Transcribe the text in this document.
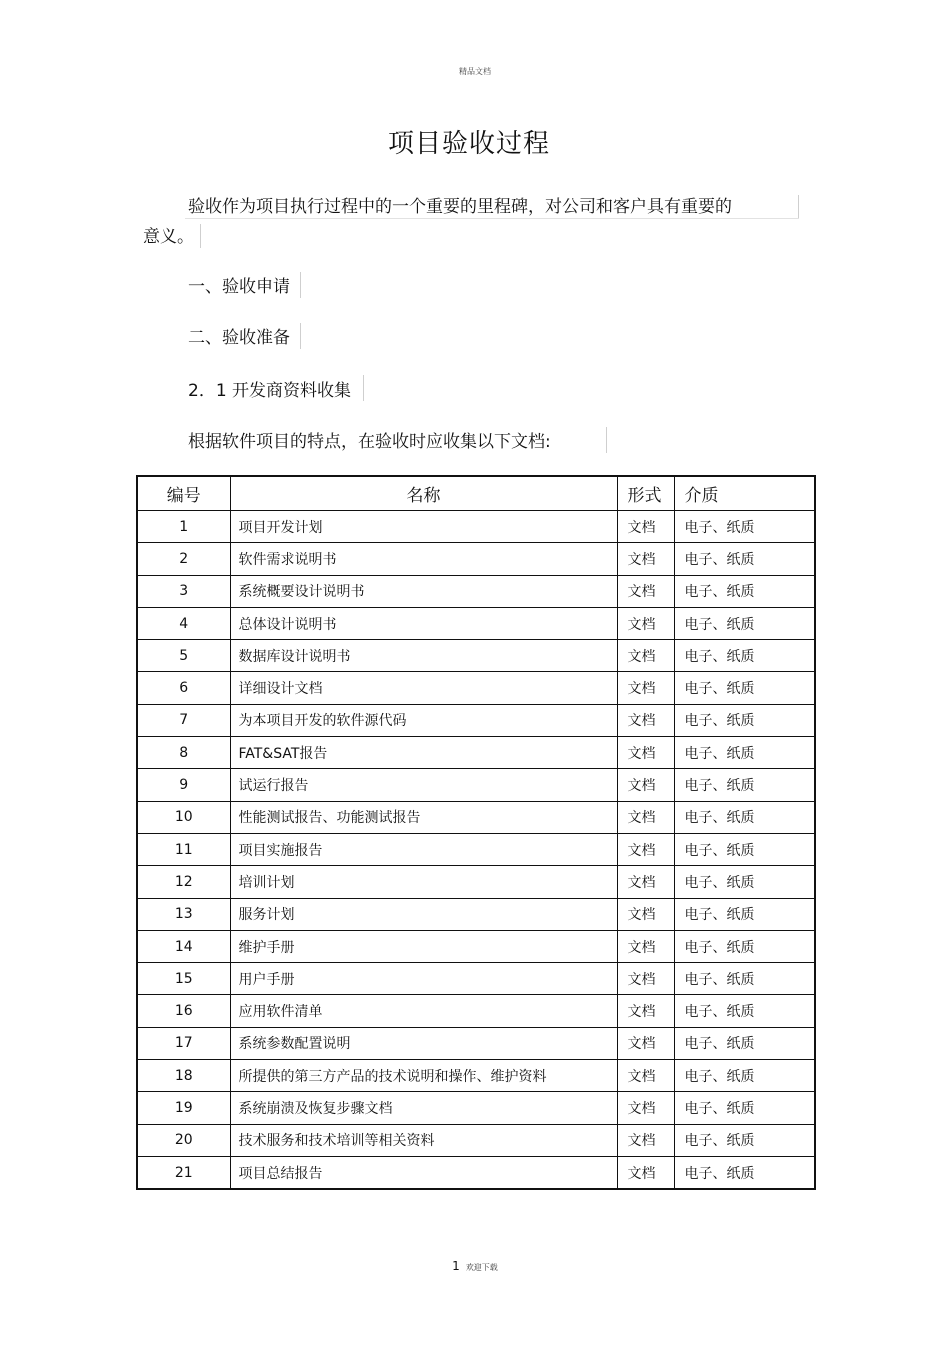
精品文档
项目验收过程
验收作为项目执行过程中的一个重要的里程碑，对公司和客户具有重要的
意义。
一、验收申请
二、验收准备
2．1 开发商资料收集
根据软件项目的特点，在验收时应收集以下文档:
编号	名称	形式	介质
1	项目开发计划	文档	电子、纸质
2	软件需求说明书	文档	电子、纸质
3	系统概要设计说明书	文档	电子、纸质
4	总体设计说明书	文档	电子、纸质
5	数据库设计说明书	文档	电子、纸质
6	详细设计文档	文档	电子、纸质
7	为本项目开发的软件源代码	文档	电子、纸质
8	FAT&SAT报告	文档	电子、纸质
9	试运行报告	文档	电子、纸质
10	性能测试报告、功能测试报告	文档	电子、纸质
11	项目实施报告	文档	电子、纸质
12	培训计划	文档	电子、纸质
13	服务计划	文档	电子、纸质
14	维护手册	文档	电子、纸质
15	用户手册	文档	电子、纸质
16	应用软件清单	文档	电子、纸质
17	系统参数配置说明	文档	电子、纸质
18	所提供的第三方产品的技术说明和操作、维护资料	文档	电子、纸质
19	系统崩溃及恢复步骤文档	文档	电子、纸质
20	技术服务和技术培训等相关资料	文档	电子、纸质
21	项目总结报告	文档	电子、纸质
1 欢迎下载
